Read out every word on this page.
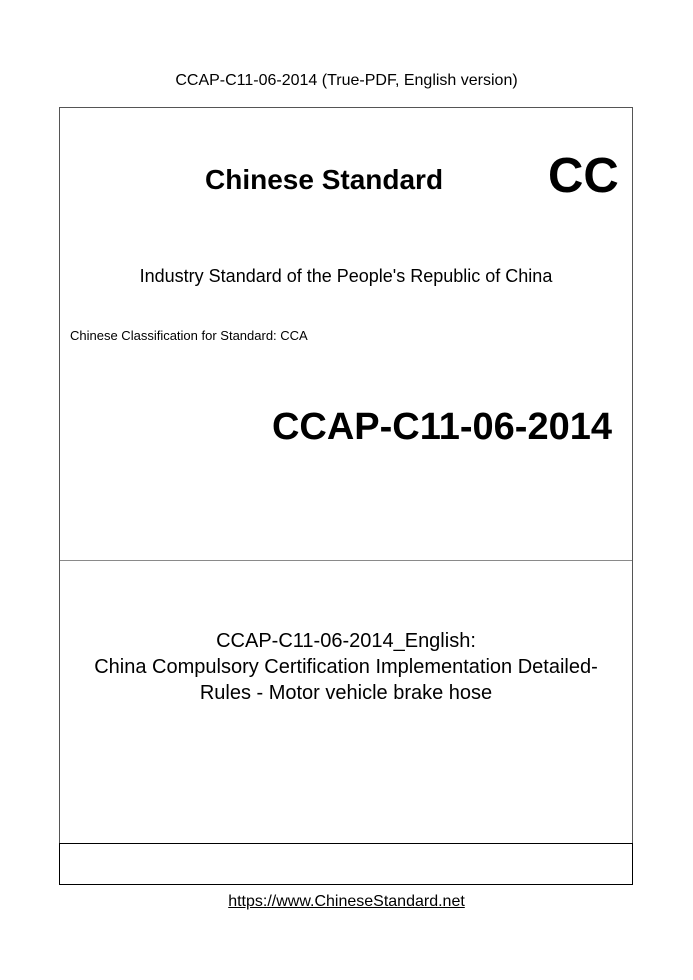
CCAP-C11-06-2014 (True-PDF, English version)
Chinese Standard CC
Industry Standard of the People's Republic of China
Chinese Classification for Standard: CCA
CCAP-C11-06-2014
CCAP-C11-06-2014_English:
China Compulsory Certification Implementation Detailed-
Rules - Motor vehicle brake hose
https://www.ChineseStandard.net
